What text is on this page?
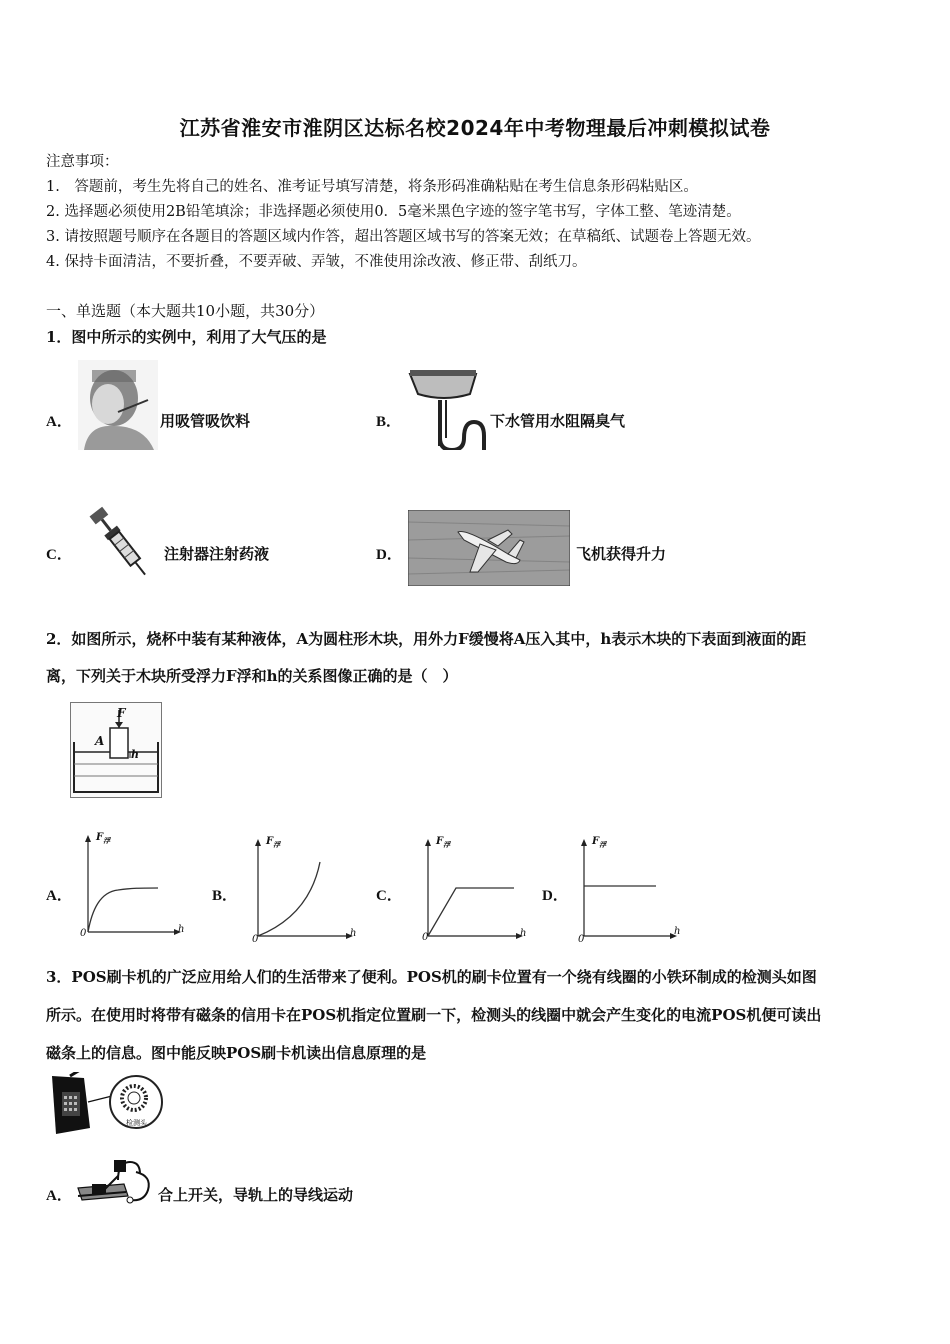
江苏省淮安市淮阴区达标名校2024年中考物理最后冲刺模拟试卷
注意事项：
1.　答题前，考生先将自己的姓名、准考证号填写清楚，将条形码准确粘贴在考生信息条形码粘贴区。
2. 选择题必须使用2B铅笔填涂；非选择题必须使用0．5毫米黑色字迹的签字笔书写，字体工整、笔迹清楚。
3. 请按照题号顺序在各题目的答题区域内作答，超出答题区域书写的答案无效；在草稿纸、试题卷上答题无效。
4. 保持卡面清洁，不要折叠，不要弄破、弄皱，不准使用涂改液、修正带、刮纸刀。
一、单选题（本大题共10小题，共30分）
1．图中所示的实例中，利用了大气压的是
A．	用吸管吸饮料	B．	下水管用水阻隔臭气
C．	注射器注射药液	D．	飞机获得升力
2．如图所示，烧杯中装有某种液体，A为圆柱形木块，用外力F缓慢将A压入其中，h表示木块的下表面到液面的距
离，下列关于木块所受浮力F浮和h的关系图像正确的是（　）
F
A
h
A．	B．	C．	D．
$F_浮$
h
0
$F_浮$
h
0
$F_浮$
h
0
$F_浮$
h
0
3．POS刷卡机的广泛应用给人们的生活带来了便利。POS机的刷卡位置有一个绕有线圈的小铁环制成的检测头如图
所示。在使用时将带有磁条的信用卡在POS机指定位置刷一下，检测头的线圈中就会产生变化的电流POS机便可读出
磁条上的信息。图中能反映POS刷卡机读出信息原理的是
检测头
A．	合上开关，导轨上的导线运动
